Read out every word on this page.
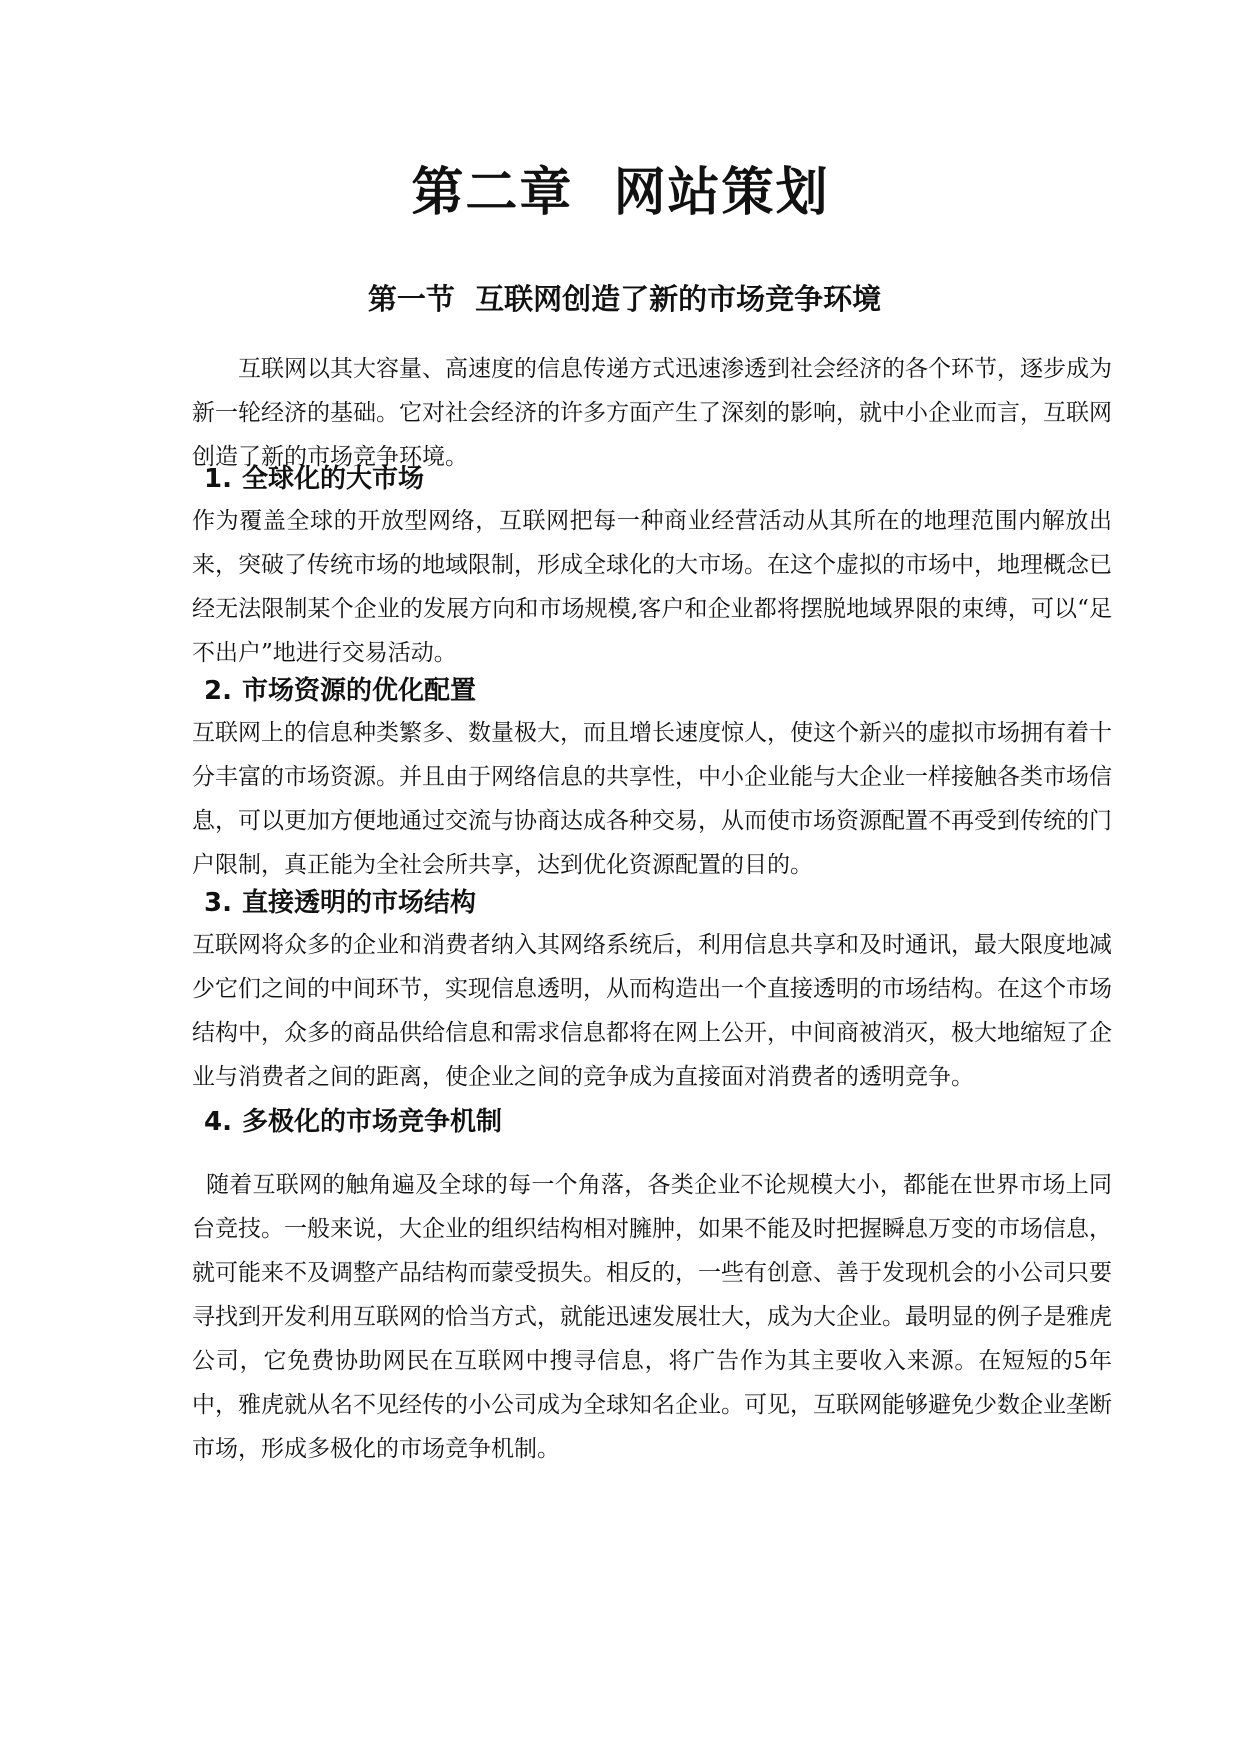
第二章  网站策划
第一节  互联网创造了新的市场竞争环境

互联网以其大容量、高速度的信息传递方式迅速渗透到社会经济的各个环节，逐步成为新一轮经济的基础。它对社会经济的许多方面产生了深刻的影响，就中小企业而言，互联网创造了新的市场竞争环境。

1. 全球化的大市场

作为覆盖全球的开放型网络，互联网把每一种商业经营活动从其所在的地理范围内解放出来，突破了传统市场的地域限制，形成全球化的大市场。在这个虚拟的市场中，地理概念已经无法限制某个企业的发展方向和市场规模,客户和企业都将摆脱地域界限的束缚，可以“足不出户”地进行交易活动。

2. 市场资源的优化配置

互联网上的信息种类繁多、数量极大，而且增长速度惊人，使这个新兴的虚拟市场拥有着十分丰富的市场资源。并且由于网络信息的共享性，中小企业能与大企业一样接触各类市场信息，可以更加方便地通过交流与协商达成各种交易，从而使市场资源配置不再受到传统的门户限制，真正能为全社会所共享，达到优化资源配置的目的。

3. 直接透明的市场结构

互联网将众多的企业和消费者纳入其网络系统后，利用信息共享和及时通讯，最大限度地减少它们之间的中间环节，实现信息透明，从而构造出一个直接透明的市场结构。在这个市场结构中，众多的商品供给信息和需求信息都将在网上公开，中间商被消灭，极大地缩短了企业与消费者之间的距离，使企业之间的竞争成为直接面对消费者的透明竞争。

4. 多极化的市场竞争机制

随着互联网的触角遍及全球的每一个角落，各类企业不论规模大小，都能在世界市场上同台竞技。一般来说，大企业的组织结构相对臃肿，如果不能及时把握瞬息万变的市场信息，就可能来不及调整产品结构而蒙受损失。相反的，一些有创意、善于发现机会的小公司只要寻找到开发利用互联网的恰当方式，就能迅速发展壮大，成为大企业。最明显的例子是雅虎公司，它免费协助网民在互联网中搜寻信息，将广告作为其主要收入来源。在短短的5年中，雅虎就从名不见经传的小公司成为全球知名企业。可见，互联网能够避免少数企业垄断市场，形成多极化的市场竞争机制。
